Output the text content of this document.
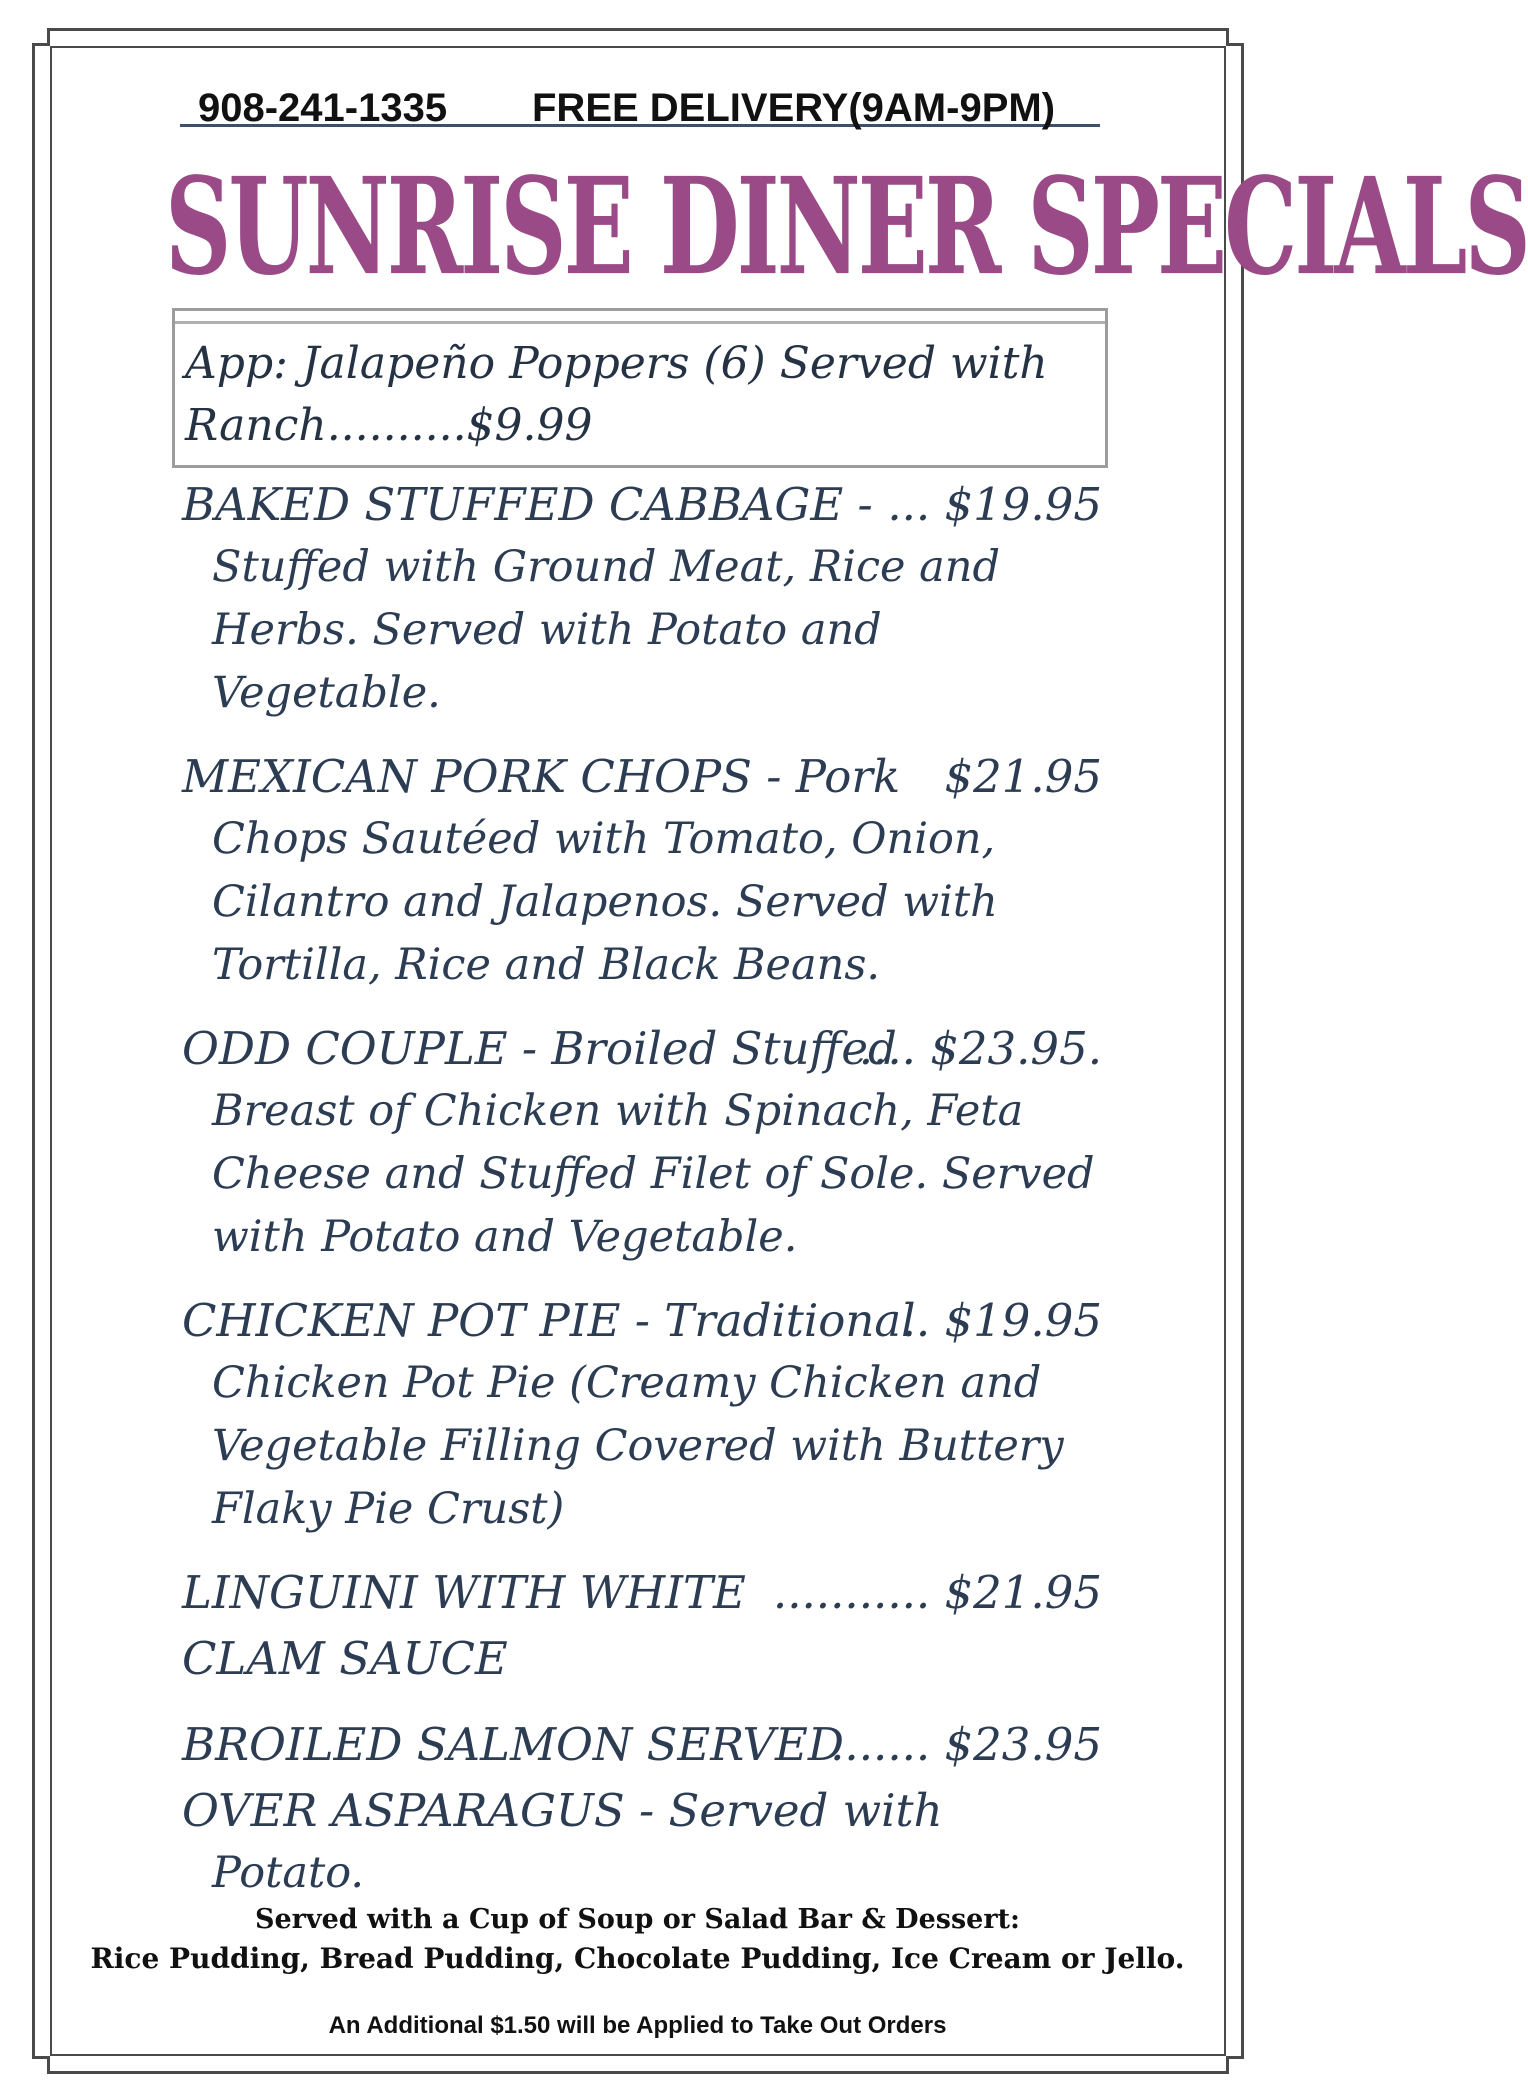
908-241-1335

FREE DELIVERY(9AM-9PM)

SUNRISE DINER SPECIALS
App: Jalapeño Poppers (6) Served with
Ranch..........$9.99
BAKED STUFFED CABBAGE - ... $19.95
Stuffed with Ground Meat, Rice and
Herbs. Served with Potato and
Vegetable.
MEXICAN PORK CHOPS - Pork $21.95
Chops Sautéed with Tomato, Onion,
Cilantro and Jalapenos. Served with
Tortilla, Rice and Black Beans.
ODD COUPLE - Broiled Stuffed
.... $23.95.
Breast of Chicken with Spinach, Feta
Cheese and Stuffed Filet of Sole. Served
with Potato and Vegetable.
CHICKEN POT PIE - Traditional
.. $19.95
Chicken Pot Pie (Creamy Chicken and
Vegetable Filling Covered with Buttery
Flaky Pie Crust)
LINGUINI WITH WHITE ........... $21.95
CLAM SAUCE
BROILED SALMON SERVED
....... $23.95
OVER ASPARAGUS - Served with
Potato.
Served with a Cup of Soup or Salad Bar & Dessert:
Rice Pudding, Bread Pudding, Chocolate Pudding, Ice Cream or Jello.
An Additional $1.50 will be Applied to Take Out Orders
